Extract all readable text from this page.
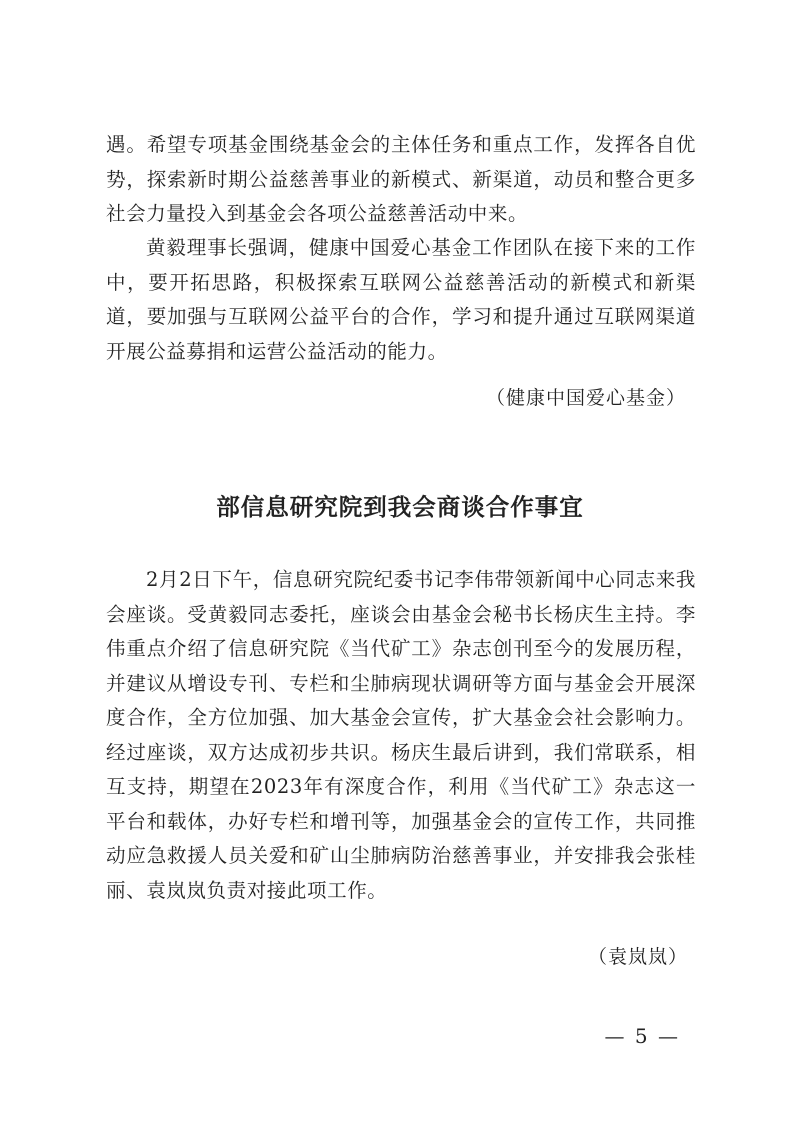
遇。希望专项基金围绕基金会的主体任务和重点工作，发挥各自优势，探索新时期公益慈善事业的新模式、新渠道，动员和整合更多社会力量投入到基金会各项公益慈善活动中来。

黄毅理事长强调，健康中国爱心基金工作团队在接下来的工作中，要开拓思路，积极探索互联网公益慈善活动的新模式和新渠道，要加强与互联网公益平台的合作，学习和提升通过互联网渠道开展公益募捐和运营公益活动的能力。

（健康中国爱心基金）

部信息研究院到我会商谈合作事宜

2月2日下午，信息研究院纪委书记李伟带领新闻中心同志来我会座谈。受黄毅同志委托，座谈会由基金会秘书长杨庆生主持。李伟重点介绍了信息研究院《当代矿工》杂志创刊至今的发展历程，并建议从增设专刊、专栏和尘肺病现状调研等方面与基金会开展深度合作，全方位加强、加大基金会宣传，扩大基金会社会影响力。经过座谈，双方达成初步共识。杨庆生最后讲到，我们常联系，相互支持，期望在2023年有深度合作，利用《当代矿工》杂志这一平台和载体，办好专栏和增刊等，加强基金会的宣传工作，共同推动应急救援人员关爱和矿山尘肺病防治慈善事业，并安排我会张桂丽、袁岚岚负责对接此项工作。

（袁岚岚）

— 5 —
